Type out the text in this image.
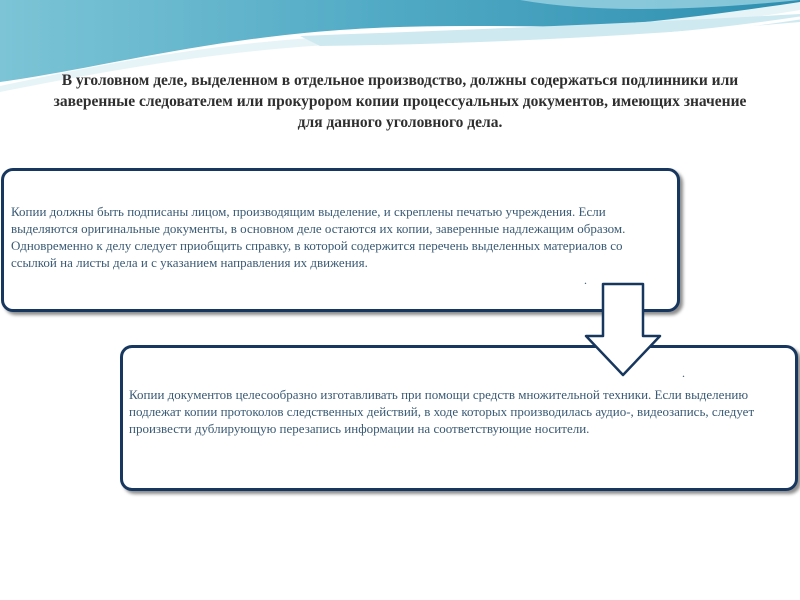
В уголовном деле, выделенном в отдельное производство, должны содержаться подлинники или заверенные следователем или прокурором копии процессуальных документов, имеющих значение для данного уголовного дела.
Копии должны быть подписаны лицом, производящим выделение, и скреплены печатью учреждения. Если выделяются оригинальные документы, в основном деле остаются их копии, заверенные надлежащим образом. Одновременно к делу следует приобщить справку, в которой содержится перечень выделенных материалов со ссылкой на листы дела и с указанием направления их движения.
.
.
Копии документов целесообразно изготавливать при помощи средств множительной техники. Если выделению подлежат копии протоколов следственных действий, в ходе которых производилась аудио-, видеозапись, следует произвести дублирующую перезапись информации на соответствующие носители.
